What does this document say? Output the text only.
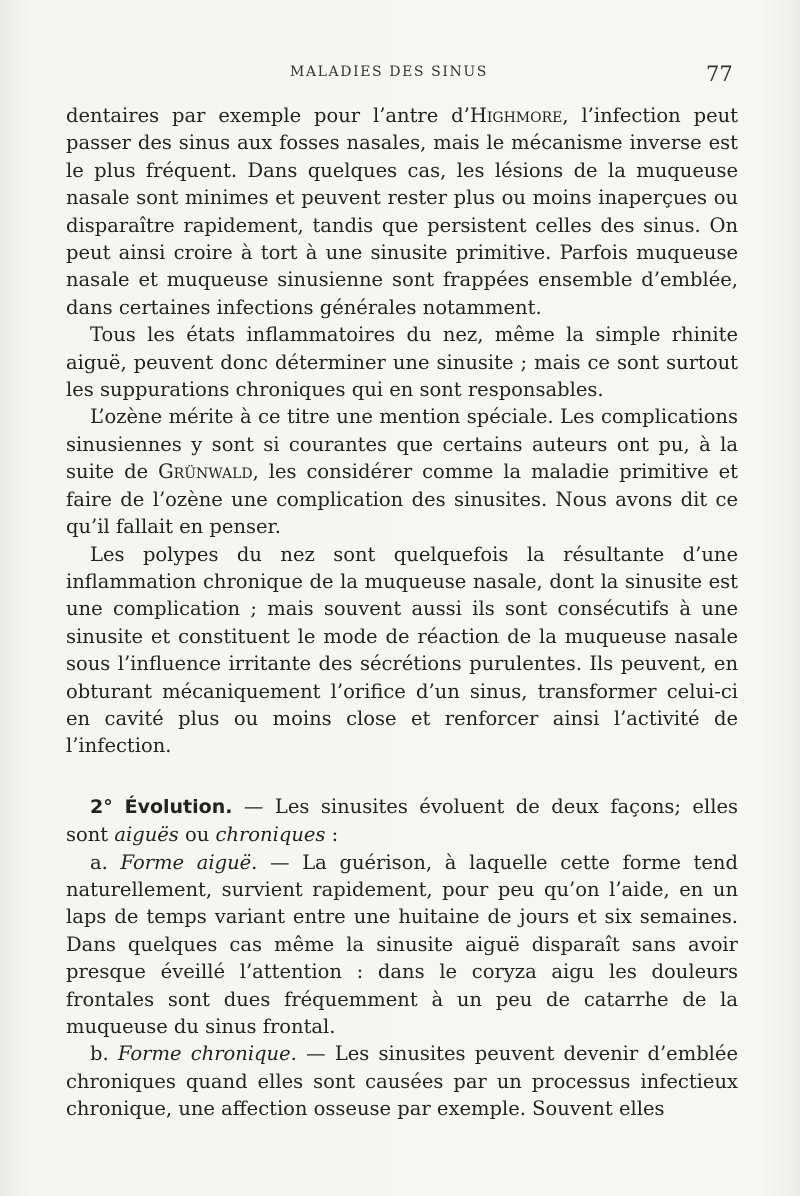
MALADIES DES SINUS	77

dentaires par exemple pour l’antre d’Highmore, l’infection peut passer des sinus aux fosses nasales, mais le mécanisme inverse est le plus fréquent. Dans quelques cas, les lésions de la muqueuse nasale sont minimes et peuvent rester plus ou moins inaperçues ou disparaître rapidement, tandis que persistent celles des sinus. On peut ainsi croire à tort à une sinusite primitive. Parfois muqueuse nasale et muqueuse sinusienne sont frappées ensemble d’emblée, dans certaines infections générales notamment.

Tous les états inflammatoires du nez, même la simple rhinite aiguë, peuvent donc déterminer une sinusite ; mais ce sont surtout les suppurations chroniques qui en sont responsables.

L’ozène mérite à ce titre une mention spéciale. Les complications sinusiennes y sont si courantes que certains auteurs ont pu, à la suite de Grünwald, les considérer comme la maladie primitive et faire de l’ozène une complication des sinusites. Nous avons dit ce qu’il fallait en penser.

Les polypes du nez sont quelquefois la résultante d’une inflammation chronique de la muqueuse nasale, dont la sinusite est une complication ; mais souvent aussi ils sont consécutifs à une sinusite et constituent le mode de réaction de la muqueuse nasale sous l’influence irritante des sécrétions purulentes. Ils peuvent, en obturant mécaniquement l’orifice d’un sinus, transformer celui-ci en cavité plus ou moins close et renforcer ainsi l’activité de l’infection.

2° Évolution. — Les sinusites évoluent de deux façons; elles sont aiguës ou chroniques :

a. Forme aiguë. — La guérison, à laquelle cette forme tend naturellement, survient rapidement, pour peu qu’on l’aide, en un laps de temps variant entre une huitaine de jours et six semaines. Dans quelques cas même la sinusite aiguë disparaît sans avoir presque éveillé l’attention : dans le coryza aigu les douleurs frontales sont dues fréquemment à un peu de catarrhe de la muqueuse du sinus frontal.

b. Forme chronique. — Les sinusites peuvent devenir d’emblée chroniques quand elles sont causées par un processus infectieux chronique, une affection osseuse par exemple. Souvent elles
